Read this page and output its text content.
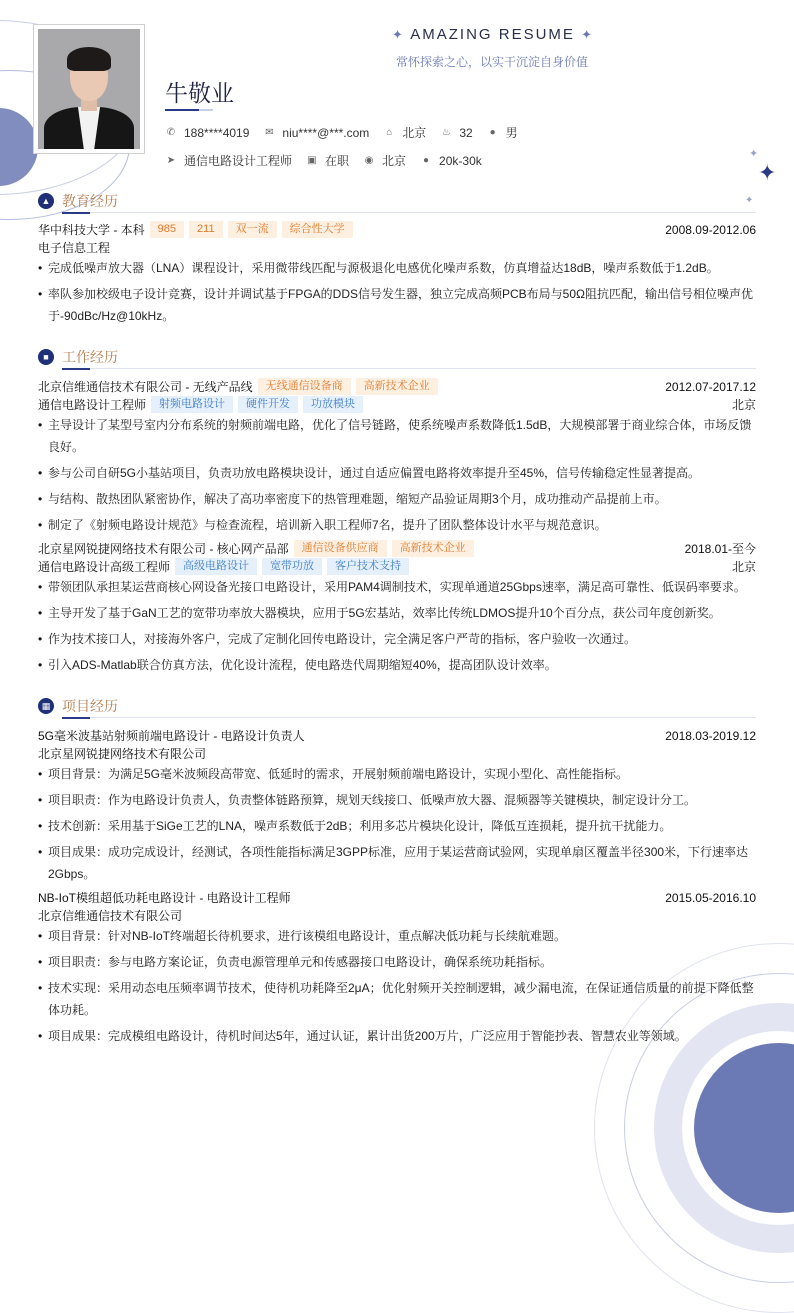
✦
✦
✦
✦ AMAZING RESUME ✦
常怀探索之心，以实干沉淀自身价值
牛敬业
✆ 188****4019 ✉ niu****@***.com ⌂ 北京 ♨ 32 ● 男
➤ 通信电路设计工程师 ▣ 在职 ◉ 北京 ● 20k-30k
▲ 教育经历
华中科技大学 - 本科	985	211	双一流	综合性大学	2008.09-2012.06
电子信息工程
• 完成低噪声放大器（LNA）课程设计，采用微带线匹配与源极退化电感优化噪声系数，仿真增益达18dB，噪声系数低于1.2dB。
• 率队参加校级电子设计竞赛，设计并调试基于FPGA的DDS信号发生器，独立完成高频PCB布局与50Ω阻抗匹配，输出信号相位噪声优于-90dBc/Hz@10kHz。
■ 工作经历
北京信维通信技术有限公司 - 无线产品线	无线通信设备商	高新技术企业	2012.07-2017.12
通信电路设计工程师	射频电路设计	硬件开发	功放模块	北京
• 主导设计了某型号室内分布系统的射频前端电路，优化了信号链路，使系统噪声系数降低1.5dB，大规模部署于商业综合体，市场反馈良好。
• 参与公司自研5G小基站项目，负责功放电路模块设计，通过自适应偏置电路将效率提升至45%，信号传输稳定性显著提高。
• 与结构、散热团队紧密协作，解决了高功率密度下的热管理难题，缩短产品验证周期3个月，成功推动产品提前上市。
• 制定了《射频电路设计规范》与检查流程，培训新入职工程师7名，提升了团队整体设计水平与规范意识。
北京星网锐捷网络技术有限公司 - 核心网产品部	通信设备供应商	高新技术企业	2018.01-至今
通信电路设计高级工程师	高级电路设计	宽带功放	客户技术支持	北京
• 带领团队承担某运营商核心网设备光接口电路设计，采用PAM4调制技术，实现单通道25Gbps速率，满足高可靠性、低误码率要求。
• 主导开发了基于GaN工艺的宽带功率放大器模块，应用于5G宏基站，效率比传统LDMOS提升10个百分点，获公司年度创新奖。
• 作为技术接口人，对接海外客户，完成了定制化回传电路设计，完全满足客户严苛的指标，客户验收一次通过。
• 引入ADS-Matlab联合仿真方法，优化设计流程，使电路迭代周期缩短40%，提高团队设计效率。
▦ 项目经历
5G毫米波基站射频前端电路设计 - 电路设计负责人	2018.03-2019.12
北京星网锐捷网络技术有限公司
• 项目背景：为满足5G毫米波频段高带宽、低延时的需求，开展射频前端电路设计，实现小型化、高性能指标。
• 项目职责：作为电路设计负责人，负责整体链路预算，规划天线接口、低噪声放大器、混频器等关键模块，制定设计分工。
• 技术创新：采用基于SiGe工艺的LNA，噪声系数低于2dB；利用多芯片模块化设计，降低互连损耗，提升抗干扰能力。
• 项目成果：成功完成设计，经测试，各项性能指标满足3GPP标准，应用于某运营商试验网，实现单扇区覆盖半径300米，下行速率达2Gbps。
NB-IoT模组超低功耗电路设计 - 电路设计工程师	2015.05-2016.10
北京信维通信技术有限公司
• 项目背景：针对NB-IoT终端超长待机要求，进行该模组电路设计，重点解决低功耗与长续航难题。
• 项目职责：参与电路方案论证，负责电源管理单元和传感器接口电路设计，确保系统功耗指标。
• 技术实现：采用动态电压频率调节技术，使待机功耗降至2μA；优化射频开关控制逻辑，减少漏电流，在保证通信质量的前提下降低整体功耗。
• 项目成果：完成模组电路设计，待机时间达5年，通过认证，累计出货200万片，广泛应用于智能抄表、智慧农业等领域。
